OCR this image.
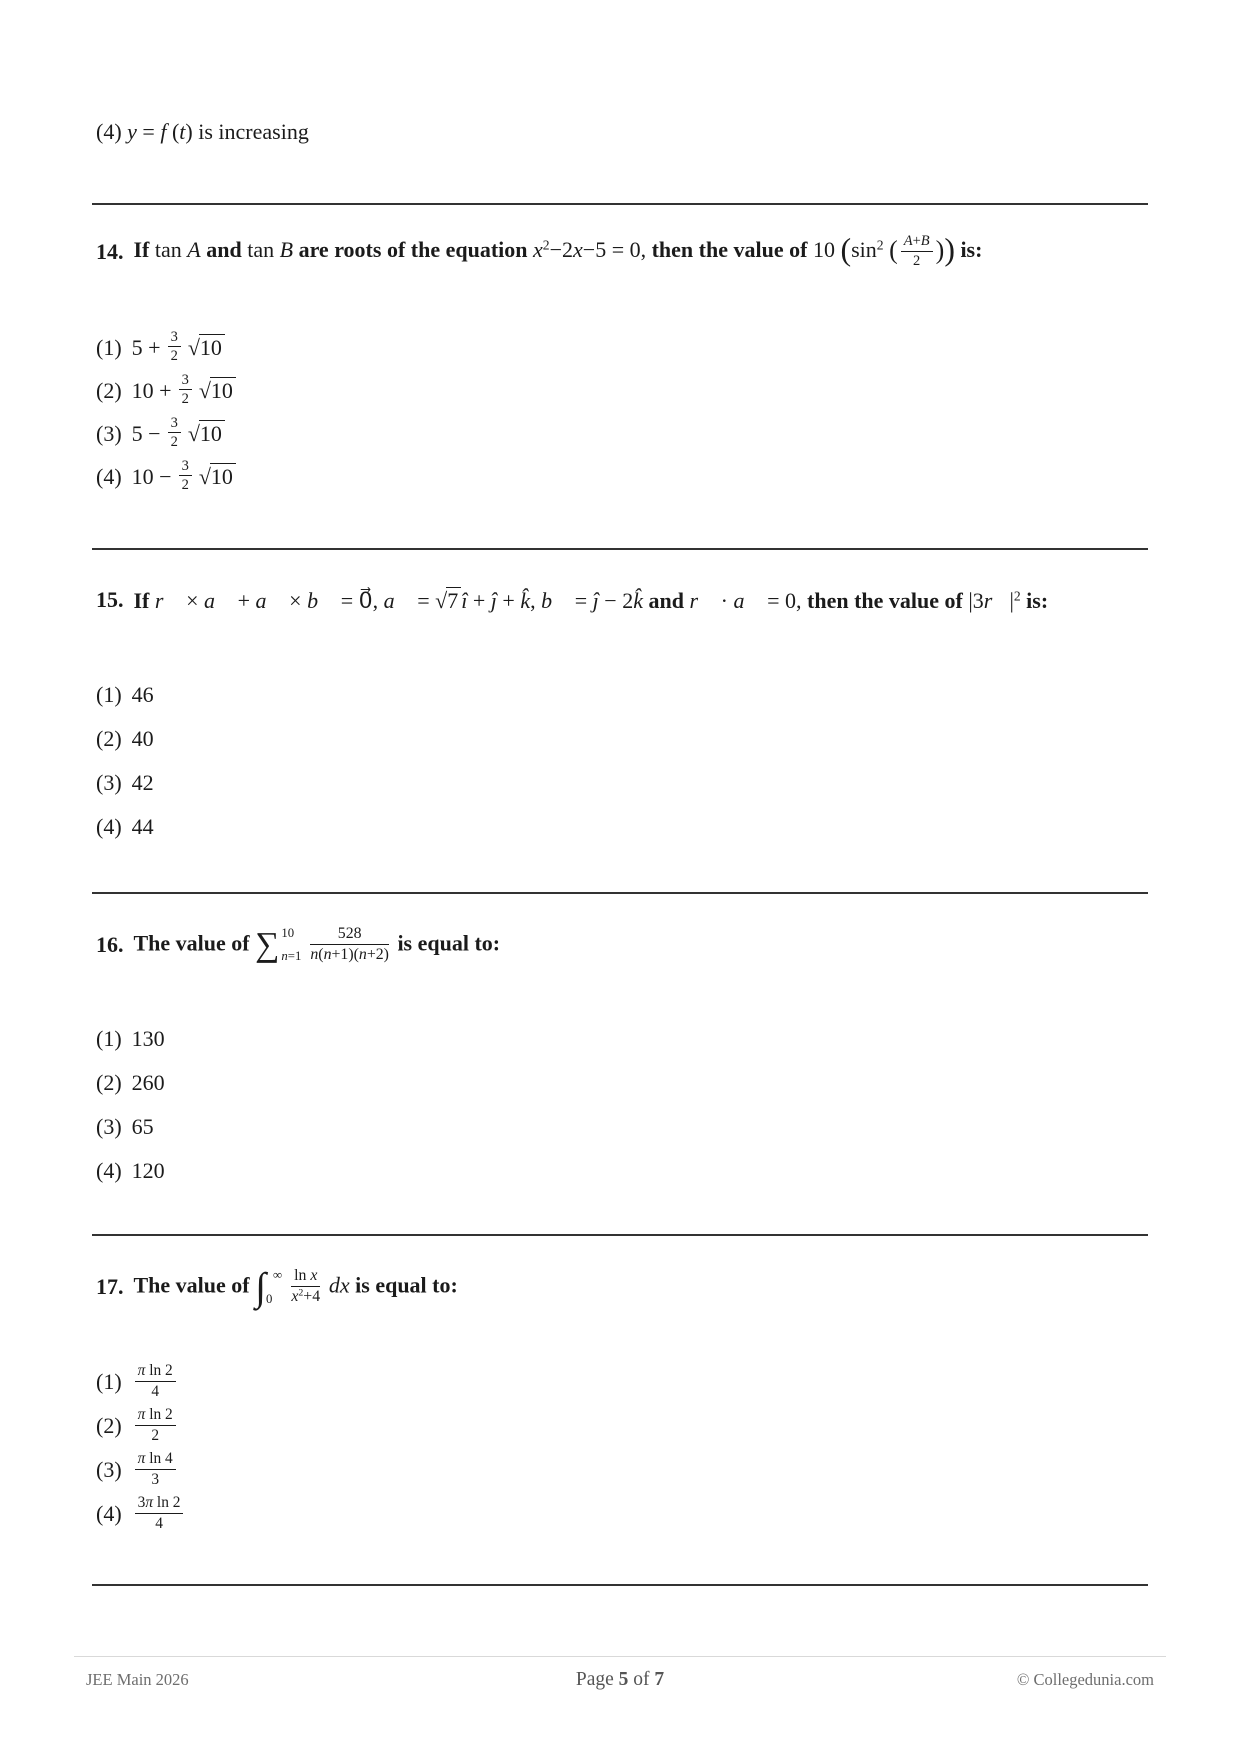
(4) y = f (t) is increasing
14. If tan A and tan B are roots of the equation $x^2-2x-5 = 0$, then the value of 10 ($\sin^2$ ( $\frac{A+B}{2}$ )) is:
(1) $5 + \frac{3}{2} √10$
(2) $10 + \frac{3}{2} √10$
(3) $5 - \frac{3}{2} √10$
(4) $10 - \frac{3}{2} √10$
15. If r⃗ × a⃗ + a⃗ × b⃗ = 0⃗, a⃗ = √7 î + ĵ + k̂, b⃗ = ĵ − 2k̂ and r⃗ · a⃗ = 0, then the value of $|3r⃗|^2$ is:
(1) 46
(2) 40
(3) 42
(4) 44
16. The value of ∑ 10
$n=1 \frac{528}{n(n+1)(n+2)}$ is equal to:
(1) 130
(2) 260
(3) 65
(4) 120
17. The value of ∫ ∞
0	$\frac{\text{ln x}}{x^2+4}$ dx is equal to:
$(1) \frac{\text{π ln 2}}{4}$
$(2) \frac{\text{π ln 2}}{2}$
$(3) \frac{\text{π ln 4}}{3}$
$(4) \frac{\text{3π ln 2}}{4}$
JEE Main 2026	Page 5 of 7	© Collegedunia.com
